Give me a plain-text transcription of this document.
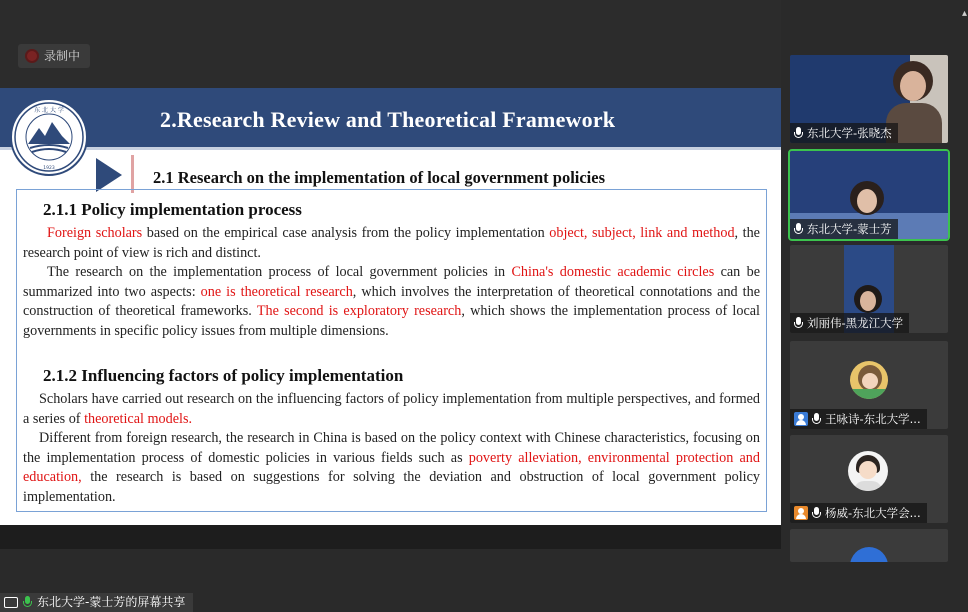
录制中
2.Research Review and Theoretical Framework
东 北 大 学
1923	2.1 Research on the implementation of local government policies
2.1.1 Policy implementation process
Foreign scholars based on the empirical case analysis from the policy implementation object, subject, link and method, the research point of view is rich and distinct.
The research on the implementation process of local government policies in China's domestic academic circles can be summarized into two aspects: one is theoretical research, which involves the interpretation of theoretical connotations and the construction of theoretical frameworks. The second is exploratory research, which shows the implementation process of local governments in specific policy issues from multiple dimensions.
2.1.2 Influencing factors of policy implementation
Scholars have carried out research on the influencing factors of policy implementation from multiple perspectives, and formed a series of theoretical models.
Different from foreign research, the research in China is based on the policy context with Chinese characteristics, focusing on the implementation process of domestic policies in various fields such as poverty alleviation, environmental protection and education, the research is based on suggestions for solving the deviation and obstruction of local government policy implementation.
▴
东北大学-张晓杰
东北大学-蒙士芳
刘丽伟-黑龙江大学
王咏诗-东北大学...
杨威-东北大学会...
东北大学-蒙士芳的屏幕共享
